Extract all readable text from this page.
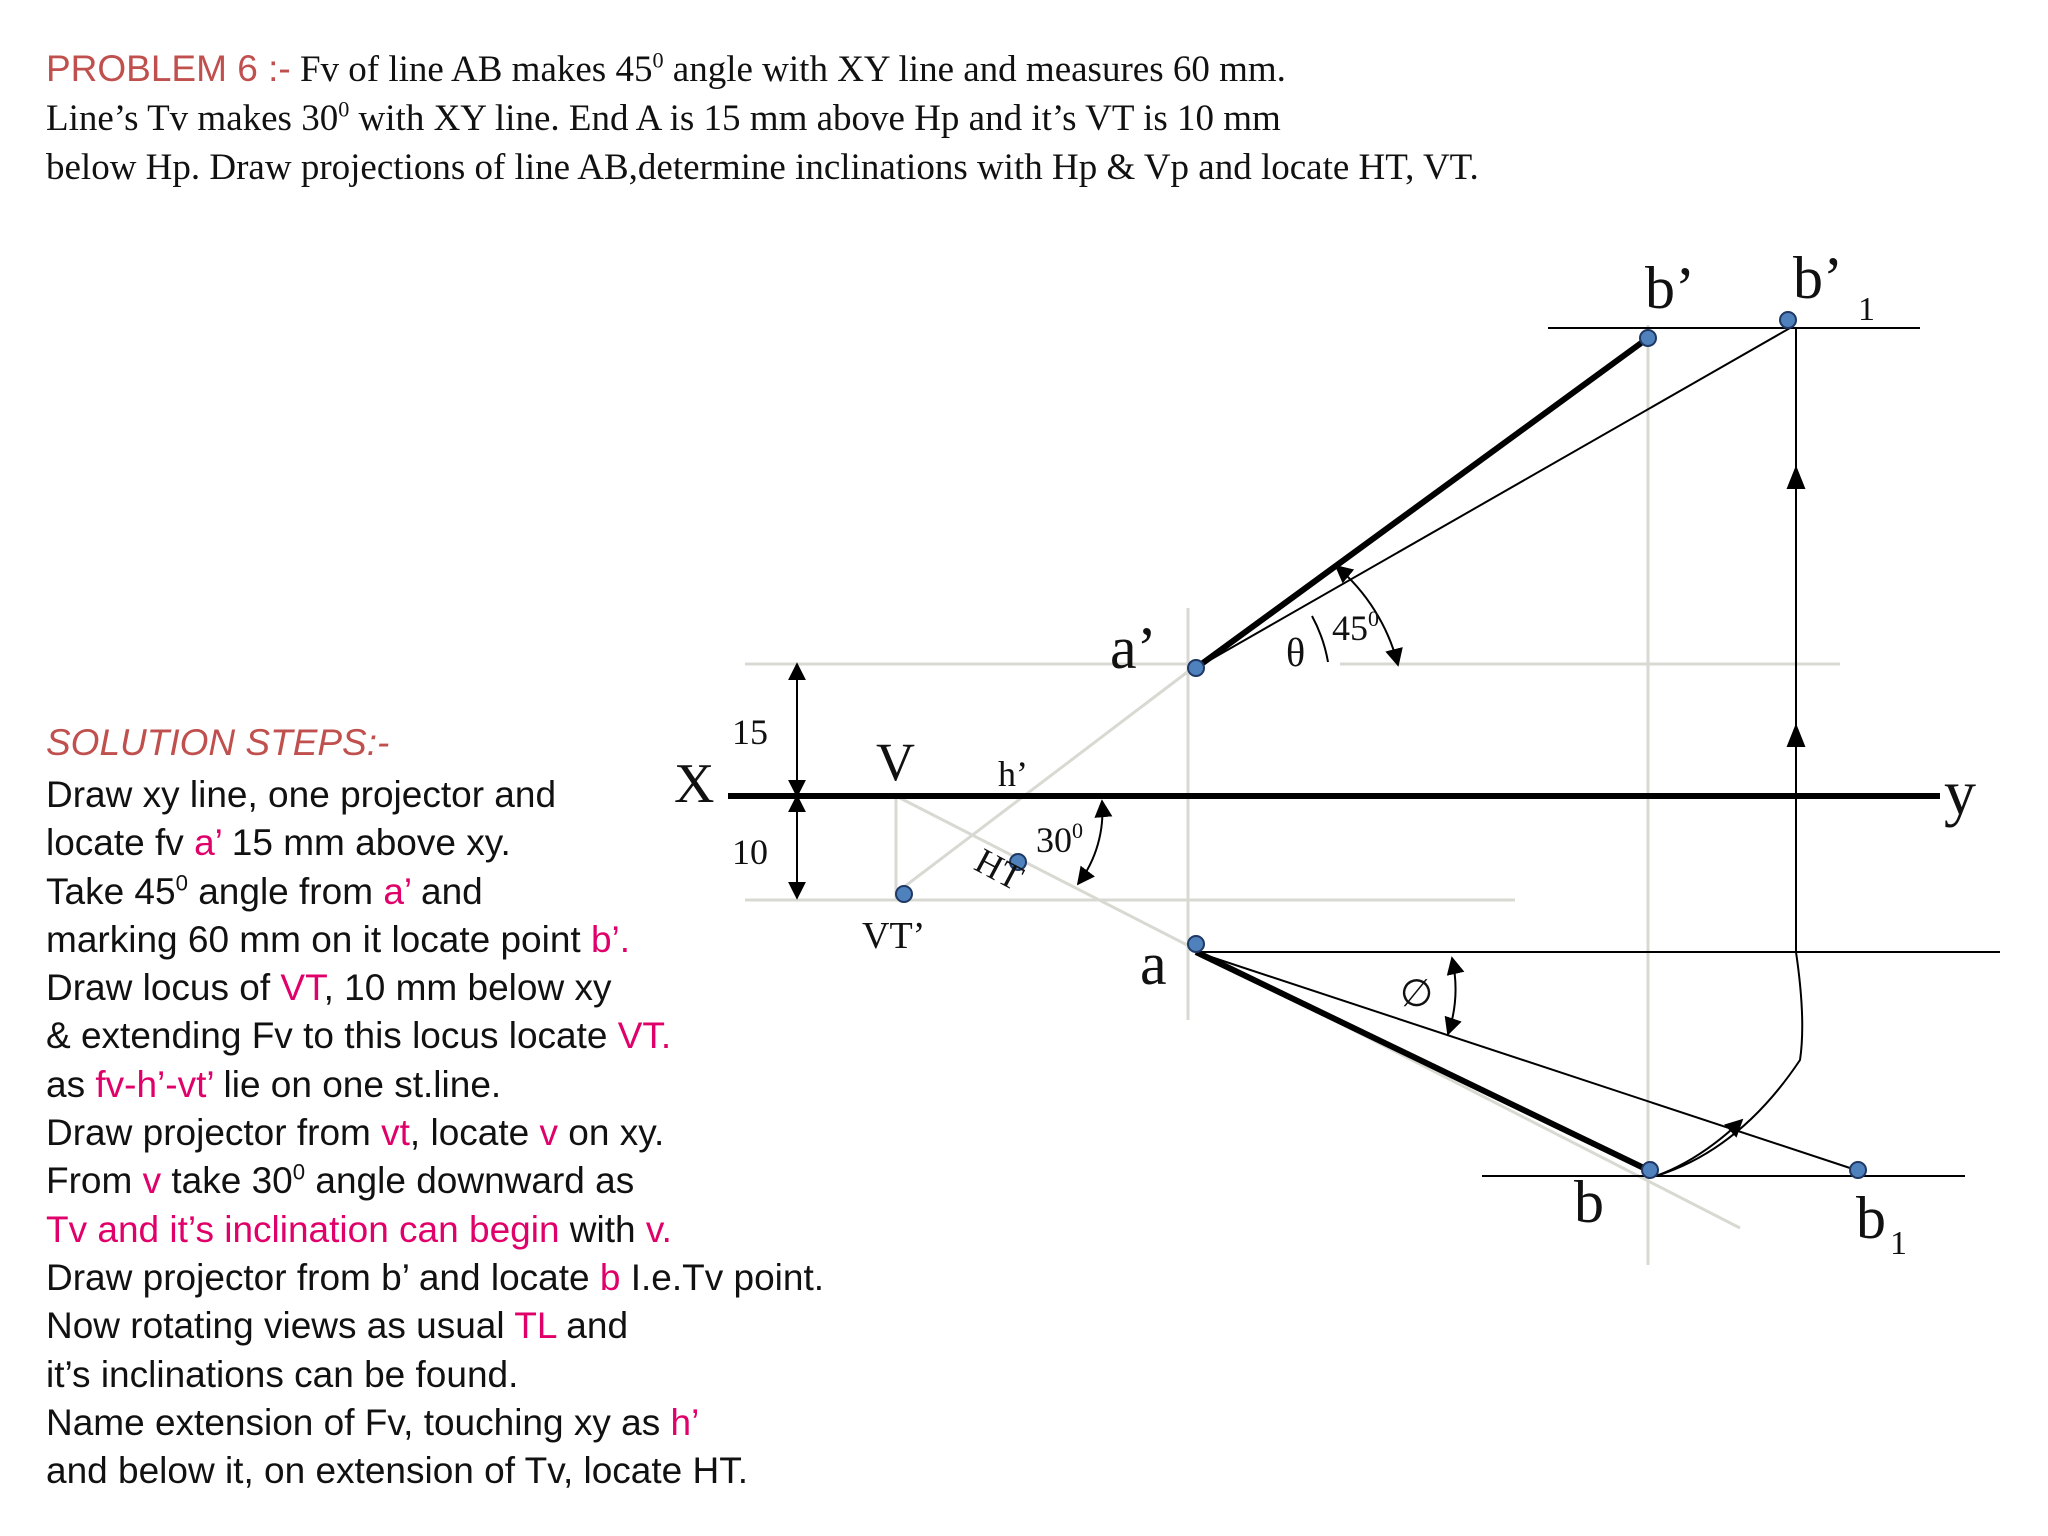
PROBLEM 6 :- Fv of line AB makes $45^0$ angle with XY line and measures 60 mm.
Line’s Tv makes $30^0$ with XY line. End A is 15 mm above Hp and it’s VT is 10 mm
below Hp. Draw projections of line AB,determine inclinations with Hp & Vp and locate HT, VT.
SOLUTION STEPS:-
Draw xy line, one projector and
locate fv a’ 15 mm above xy.
Take $45^0$ angle from a’ and
marking 60 mm on it locate point b’.
Draw locus of VT, 10 mm below xy
& extending Fv to this locus locate VT.
as fv-h’-vt’ lie on one st.line.
Draw projector from vt, locate v on xy.
From v take $30^0$ angle downward as
Tv and it’s inclination can begin with v.
Draw projector from b’ and locate b I.e.Tv point.
Now rotating views as usual TL and
it’s inclinations can be found.
Name extension of Fv, touching xy as h’
and below it, on extension of Tv, locate HT.
X	y
a’
a
b’ b’ 1
b	b 1
V h’
HT
VT’
15
10
$45^0$
$30^0$
θ
∅
